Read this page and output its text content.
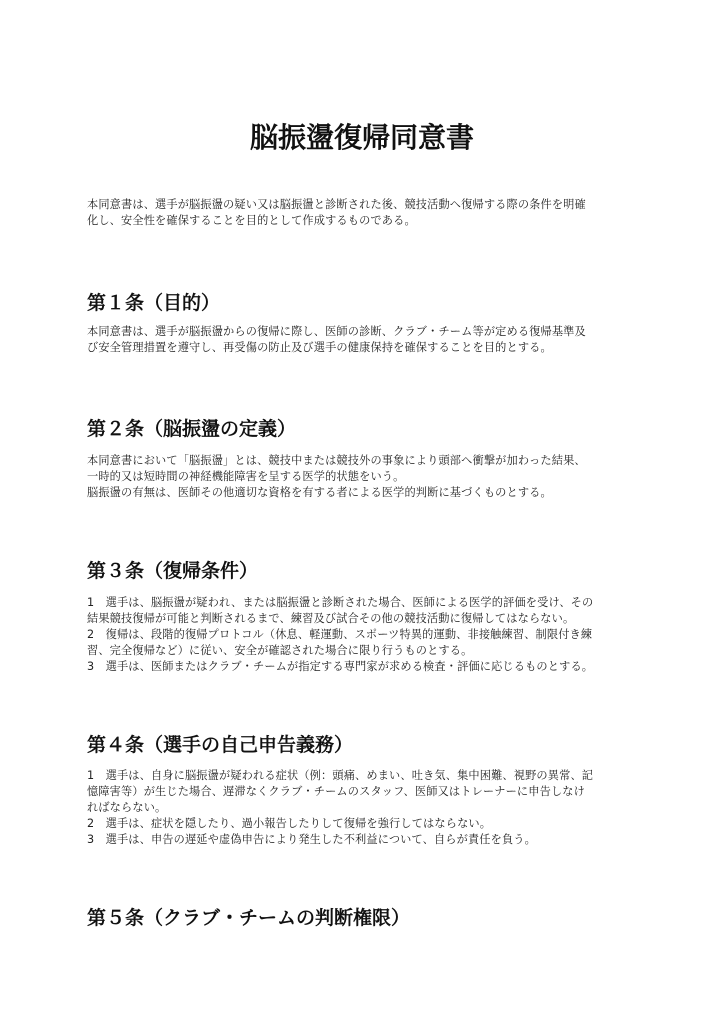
脳振盪復帰同意書
本同意書は、選手が脳振盪の疑い又は脳振盪と診断された後、競技活動へ復帰する際の条件を明確
化し、安全性を確保することを目的として作成するものである。
第１条（目的）
本同意書は、選手が脳振盪からの復帰に際し、医師の診断、クラブ・チーム等が定める復帰基準及
び安全管理措置を遵守し、再受傷の防止及び選手の健康保持を確保することを目的とする。
第２条（脳振盪の定義）
本同意書において「脳振盪」とは、競技中または競技外の事象により頭部へ衝撃が加わった結果、
一時的又は短時間の神経機能障害を呈する医学的状態をいう。
脳振盪の有無は、医師その他適切な資格を有する者による医学的判断に基づくものとする。
第３条（復帰条件）
1　選手は、脳振盪が疑われ、または脳振盪と診断された場合、医師による医学的評価を受け、その
結果競技復帰が可能と判断されるまで、練習及び試合その他の競技活動に復帰してはならない。
2　復帰は、段階的復帰プロトコル（休息、軽運動、スポーツ特異的運動、非接触練習、制限付き練
習、完全復帰など）に従い、安全が確認された場合に限り行うものとする。
3　選手は、医師またはクラブ・チームが指定する専門家が求める検査・評価に応じるものとする。
第４条（選手の自己申告義務）
1　選手は、自身に脳振盪が疑われる症状（例：頭痛、めまい、吐き気、集中困難、視野の異常、記
憶障害等）が生じた場合、遅滞なくクラブ・チームのスタッフ、医師又はトレーナーに申告しなけ
ればならない。
2　選手は、症状を隠したり、過小報告したりして復帰を強行してはならない。
3　選手は、申告の遅延や虚偽申告により発生した不利益について、自らが責任を負う。
第５条（クラブ・チームの判断権限）
